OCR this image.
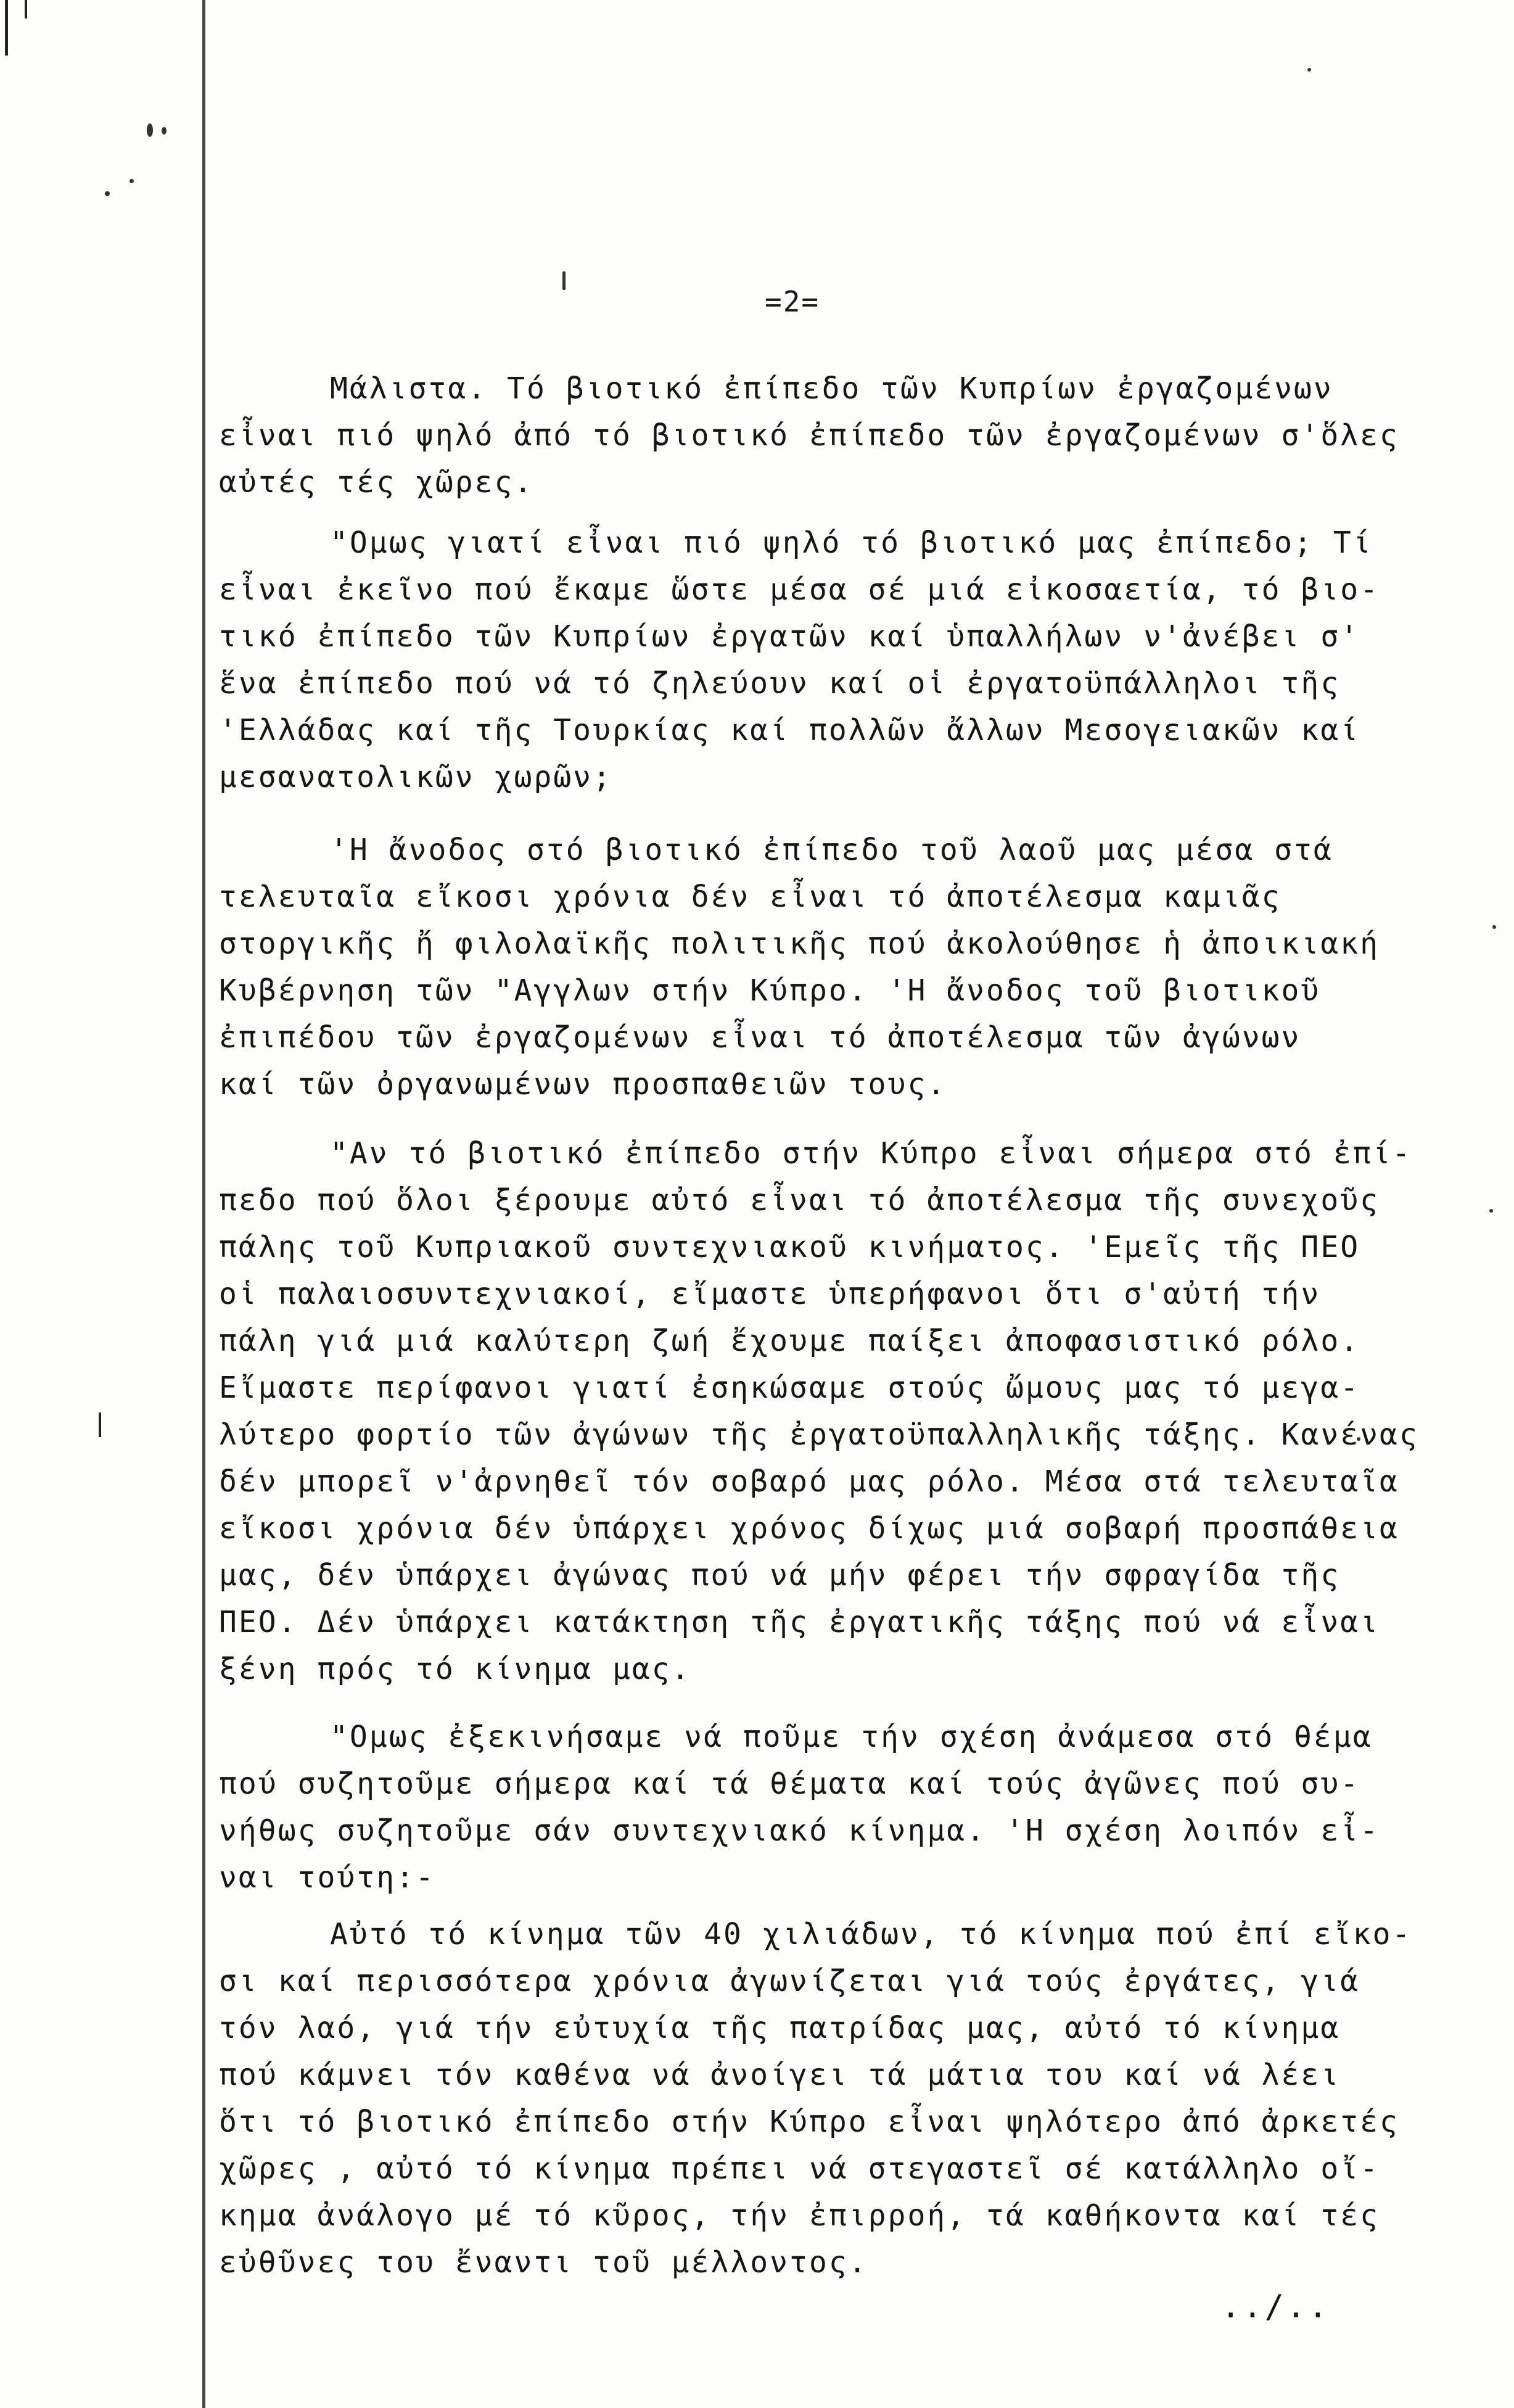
=2=
Μάλιστα. Τό βιοτικό ἐπίπεδο τῶν Κυπρίων ἐργαζομένων
εἶναι πιό ψηλό ἀπό τό βιοτικό ἐπίπεδο τῶν ἐργαζομένων σ'ὅλες
αὐτές τές χῶρες.
"Ομως γιατί εἶναι πιό ψηλό τό βιοτικό μας ἐπίπεδο; Τί
εἶναι ἐκεῖνο πού ἔκαμε ὥστε μέσα σέ μιά εἰκοσαετία, τό βιο-
τικό ἐπίπεδο τῶν Κυπρίων ἐργατῶν καί ὑπαλλήλων ν'ἀνέβει σ'
ἕνα ἐπίπεδο πού νά τό ζηλεύουν καί οἱ ἐργατοϋπάλληλοι τῆς
'Ελλάδας καί τῆς Τουρκίας καί πολλῶν ἄλλων Μεσογειακῶν καί
μεσανατολικῶν χωρῶν;
'Η ἄνοδος στό βιοτικό ἐπίπεδο τοῦ λαοῦ μας μέσα στά
τελευταῖα εἴκοσι χρόνια δέν εἶναι τό ἀποτέλεσμα καμιᾶς
στοργικῆς ἤ φιλολαϊκῆς πολιτικῆς πού ἀκολούθησε ἡ ἀποικιακή
Κυβέρνηση τῶν "Αγγλων στήν Κύπρο. 'Η ἄνοδος τοῦ βιοτικοῦ
ἐπιπέδου τῶν ἐργαζομένων εἶναι τό ἀποτέλεσμα τῶν ἀγώνων
καί τῶν ὀργανωμένων προσπαθειῶν τους.
"Αν τό βιοτικό ἐπίπεδο στήν Κύπρο εἶναι σήμερα στό ἐπί-
πεδο πού ὅλοι ξέρουμε αὐτό εἶναι τό ἀποτέλεσμα τῆς συνεχοῦς
πάλης τοῦ Κυπριακοῦ συντεχνιακοῦ κινήματος. 'Εμεῖς τῆς ΠΕΟ
οἱ παλαιοσυντεχνιακοί, εἴμαστε ὑπερήφανοι ὅτι σ'αὐτή τήν
πάλη γιά μιά καλύτερη ζωή ἔχουμε παίξει ἀποφασιστικό ρόλο.
Εἴμαστε περίφανοι γιατί ἐσηκώσαμε στούς ὤμους μας τό μεγα-
λύτερο φορτίο τῶν ἀγώνων τῆς ἐργατοϋπαλληλικῆς τάξης. Κανένας
δέν μπορεῖ ν'ἀρνηθεῖ τόν σοβαρό μας ρόλο. Μέσα στά τελευταῖα
εἴκοσι χρόνια δέν ὑπάρχει χρόνος δίχως μιά σοβαρή προσπάθεια
μας, δέν ὑπάρχει ἀγώνας πού νά μήν φέρει τήν σφραγίδα τῆς
ΠΕΟ. Δέν ὑπάρχει κατάκτηση τῆς ἐργατικῆς τάξης πού νά εἶναι
ξένη πρός τό κίνημα μας.
"Ομως ἐξεκινήσαμε νά ποῦμε τήν σχέση ἀνάμεσα στό θέμα
πού συζητοῦμε σήμερα καί τά θέματα καί τούς ἀγῶνες πού συ-
νήθως συζητοῦμε σάν συντεχνιακό κίνημα. 'Η σχέση λοιπόν εἶ-
ναι τούτη:-
Αὐτό τό κίνημα τῶν 40 χιλιάδων, τό κίνημα πού ἐπί εἴκο-
σι καί περισσότερα χρόνια ἀγωνίζεται γιά τούς ἐργάτες, γιά
τόν λαό, γιά τήν εὐτυχία τῆς πατρίδας μας, αὐτό τό κίνημα
πού κάμνει τόν καθένα νά ἀνοίγει τά μάτια του καί νά λέει
ὅτι τό βιοτικό ἐπίπεδο στήν Κύπρο εἶναι ψηλότερο ἀπό ἀρκετές
χῶρες , αὐτό τό κίνημα πρέπει νά στεγαστεῖ σέ κατάλληλο οἴ-
κημα ἀνάλογο μέ τό κῦρος, τήν ἐπιρροή, τά καθήκοντα καί τές
εὐθῦνες του ἔναντι τοῦ μέλλοντος.
../..
